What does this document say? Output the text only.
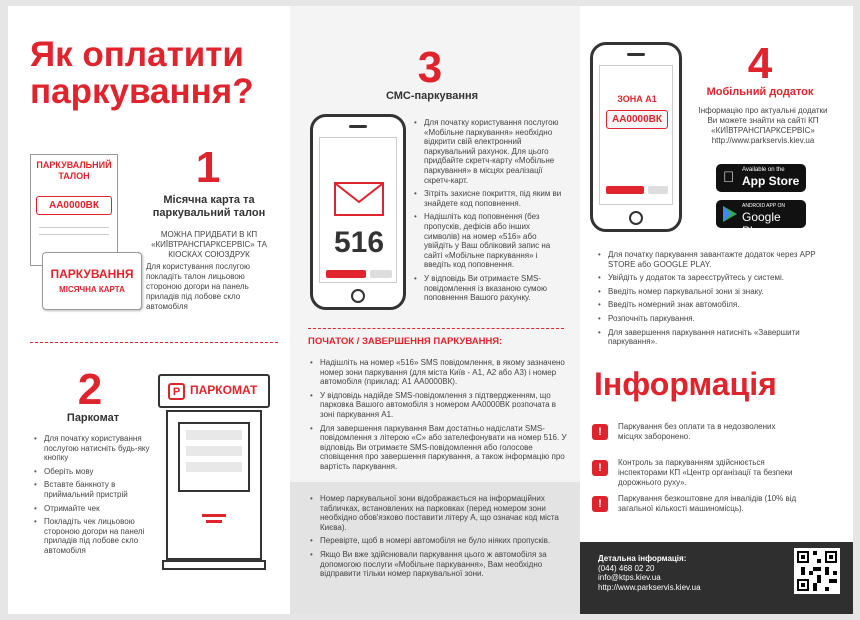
Як оплатити паркування?
ПАРКУВАЛЬНИЙ ТАЛОН
АА0000ВК
ПАРКУВАННЯ
МІСЯЧНА КАРТА
1
Місячна карта та паркувальний талон
МОЖНА ПРИДБАТИ В КП «КИЇВТРАНСПАРКСЕРВІС» ТА КІОСКАХ СОЮЗДРУК
Для користування послугою покладіть талон лицьовою стороною догори на панель приладів під лобове скло автомобіля
2
Паркомат
• Для початку користування послугою натисніть будь-яку кнопку
• Оберіть мову
• Вставте банкноту в приймальний пристрій
• Отримайте чек
• Покладіть чек лицьовою стороною догори на панелі приладів під лобове скло автомобіля
P ПАРКОМАТ
3
СМС-паркування
516
• Для початку користування послугою «Мобільне паркування» необхідно відкрити свій електронний паркувальний рахунок. Для цього придбайте скретч-карту «Мобільне паркування» в місцях реалізації скретч-карт.
• Зітріть захисне покриття, під яким ви знайдете код поповнення.
• Надішліть код поповнення (без пропусків, дефісів або інших символів) на номер «516» або увійдіть у Ваш обліковий запис на сайті «Мобільне паркування» і введіть код поповнення.
• У відповідь Ви отримаєте SMS-повідомлення із вказаною сумою поповнення Вашого рахунку.
ПОЧАТОК / ЗАВЕРШЕННЯ ПАРКУВАННЯ:
• Надішліть на номер «516» SMS повідомлення, в якому зазначено номер зони паркування (для міста Київ - А1, А2 або А3) і номер автомобіля (приклад: А1 АА0000ВК).
• У відповідь надійде SMS-повідомлення з підтвердженням, що парковка Вашого автомобіля з номером АА0000ВК розпочата в зоні паркування А1.
• Для завершення паркування Вам достатньо надіслати SMS-повідомлення з літерою «С» або зателефонувати на номер 516. У відповідь Ви отримаєте SMS-повідомлення або голосове сповіщення про завершення паркування, а також інформацію про вартість паркування.
• Номер паркувальної зони відображається на інформаційних табличках, встановлених на парковках (перед номером зони необхідно обов'язково поставити літеру А, що означає код міста Києва).
• Перевірте, щоб в номері автомобіля не було ніяких пропусків.
• Якщо Ви вже здійснювали паркування цього ж автомобіля за допомогою послуги «Мобільне паркування», Вам необхідно відправити тільки номер паркувальної зони.
ЗОНА А1
АА0000ВК
4
Мобільний додаток
Інформацію про актуальні додатки Ви можете знайти на сайті КП «КИЇВТРАНСПАРКСЕРВІС» http://www.parkservis.kiev.ua
Available on the
App Store
ANDROID APP ON
Google Play
• Для початку паркування завантажте додаток через APP STORE або GOOGLE PLAY.
• Увійдіть у додаток та зареєструйтесь у системі.
• Введіть номер паркувальної зони зі знаку.
• Введіть номерний знак автомобіля.
• Розпочніть паркування.
• Для завершення паркування натисніть «Завершити паркування».
Інформація
!	Паркування без оплати та в недозволених місцях заборонено.
!	Контроль за паркуванням здійснюється інспекторами КП «Центр організації та безпеки дорожнього руху».
!	Паркування безкоштовне для інвалідів (10% від загальної кількості машиномісць).
Детальна інформація:
(044) 468 02 20
info@ktps.kiev.ua
http://www.parkservis.kiev.ua
